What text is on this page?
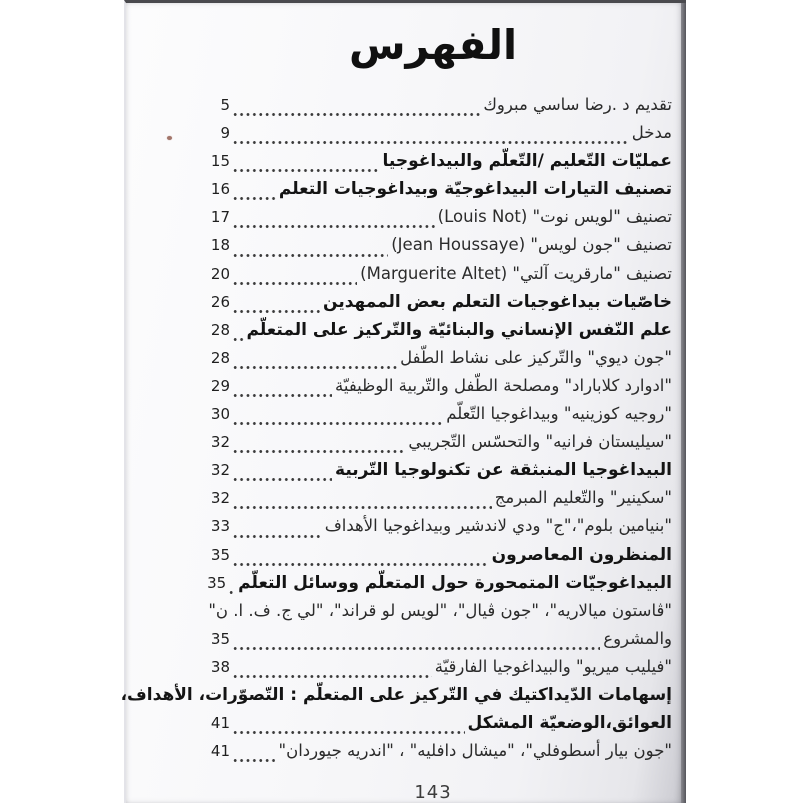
الفهرس
تقديم د .رضا ساسي مبروك
5
مدخل
9
عمليّات التّعليم /التّعلّم والبيداغوجيا
15
تصنيف التيارات البيداغوجيّة وبيداغوجيات التعلم
16
تصنيف "لويس نوت" (Louis Not)
17
تصنيف "جون لويس" (Jean Houssaye)
18
تصنيف "مارقريت آلتي" (Marguerite Altet)
20
خاصّيات بيداغوجيات التعلم بعض الممهدين
26
علم النّفس الإنساني والبنائيّة والتّركيز على المتعلّم
28
"جون ديوي" والتّركيز على نشاط الطّفل
28
"ادوارد كلاباراد" ومصلحة الطّفل والتّربية الوظيفيّة
29
"روجيه كوزينيه" وبيداغوجيا التّعلّم
30
"سيليستان فرانيه" والتحسّس التّجريبي
32
البيداغوجيا المنبثقة عن تكنولوجيا التّربية
32
"سكينير" والتّعليم المبرمج
32
"بنيامين بلوم"،"ج" ودي لاندشير وبيداغوجيا الأهداف
33
المنظرون المعاصرون
35
البيداغوجيّات المتمحورة حول المتعلّم ووسائل التعلّم
35
"ڤاستون ميالاريه"، "جون ڤيال"، "لويس لو قراند"، "لي ج. ف. ا. ن"
والمشروع
35
"فيليب ميريو" والبيداغوجيا الفارقيّة
38
إسهامات الدّيداكتيك في التّركيز على المتعلّم : التّصوّرات، الأهداف،
العوائق،الوضعيّة المشكل
41
"جون بيار أسطوفلي"، "ميشال دافليه" ، "اندريه جيوردان"
41
143
